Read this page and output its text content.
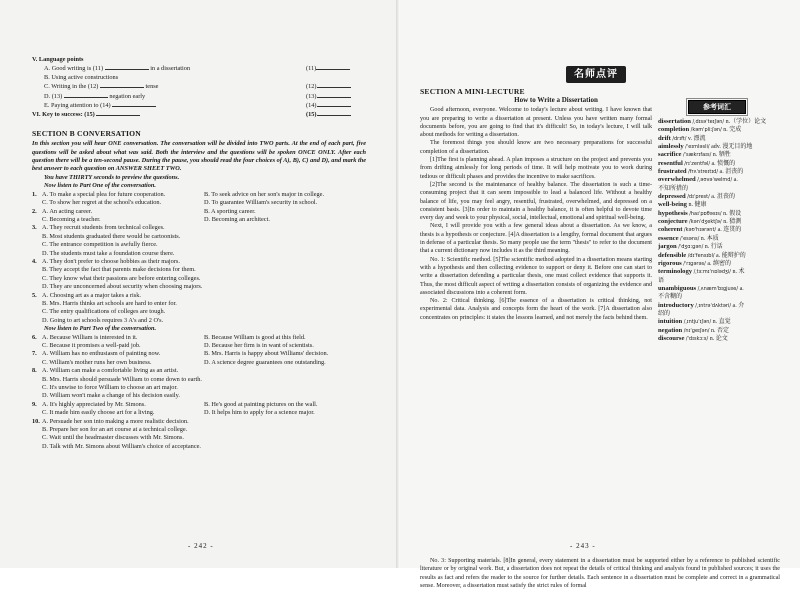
V. Language points
A. Good writing is (11)	in a dissertation	(11)
B. Using active constructions
C. Writing in the (12)	tense	(12)
D. (13)	negation early	(13)
E. Paying attention to (14)	(14)
VI. Key to success: (15)	(15)
SECTION B CONVERSATION
In this section you will hear ONE conversation. The conversation will be divided into TWO parts. At the end of each part, five questions will be asked about what was said. Both the interview and the questions will be spoken ONCE ONLY. After each question there will be a ten-second pause. During the pause, you should read the four choices of A), B), C) and D), and mark the best answer to each question on ANSWER SHEET TWO.
You have THIRTY seconds to preview the questions.
Now listen to Part One of the conversation.
1. A. To make a special plea for future cooperation.	B. To seek advice on her son's major in college.
C. To show her regret at the school's education.	D. To guarantee William's security in school.
2. A. An acting career.	B. A sporting career.
C. Becoming a teacher.	D. Becoming an architect.
3. A. They recruit students from technical colleges.
B. Most students graduated there would be cartoonists.
C. The entrance competition is awfully fierce.
D. The students must take a foundation course there.
4. A. They don't prefer to choose hobbies as their majors.
B. They accept the fact that parents make decisions for them.
C. They know what their passions are before entering colleges.
D. They are unconcerned about security when choosing majors.
5. A. Choosing art as a major takes a risk.
B. Mrs. Harris thinks art schools are hard to enter for.
C. The entry qualifications of colleges are tough.
D. Going to art schools requires 3 A's and 2 O's.
Now listen to Part Two of the conversation.
6. A. Because William is interested in it.	B. Because William is good at this field.
C. Because it promises a well-paid job.	D. Because her firm is in want of scientists.
7. A. William has no enthusiasm of painting now.	B. Mrs. Harris is happy about Williams' decision.
C. William's mother runs her own business.	D. A science degree guarantees one outstanding.
8. A. William can make a comfortable living as an artist.
B. Mrs. Harris should persuade William to come down to earth.
C. It's unwise to force William to choose an art major.
D. William won't make a change of his decision easily.
9. A. It's highly appreciated by Mr. Simons.	B. He's good at painting pictures on the wall.
C. It made him easily choose art for a living.	D. It helps him to apply for a science major.
10. A. Persuade her son into making a more realistic decision.
B. Prepare her son for an art course at a technical college.
C. Wait until the headmaster discusses with Mr. Simons.
D. Talk with Mr. Simons about William's choice of acceptance.
- 242 -
名师点评
SECTION A MINI-LECTURE
How to Write a Dissertation

Good afternoon, everyone. Welcome to today's lecture about writing. I have known that you are preparing to write a dissertation at present. Unless you have written many formal documents before, you are going to find that it's difficult! So, in today's lecture, I will talk about methods for writing a dissertation.

The foremost things you should know are two necessary preparations for successful completion of a dissertation.

[1]The first is planning ahead. A plan imposes a structure on the project and prevents you from drifting aimlessly for long periods of time. It will help motivate you to work during tedious or difficult phases and provides the incentive to make sacrifices.

[2]The second is the maintenance of healthy balance. The dissertation is such a time-consuming project that it can seem impossible to lead a balanced life. Without a healthy balance of life, you may feel angry, resentful, frustrated, overwhelmed, and depressed on a consistent basis. [3]In order to maintain a healthy balance, it is often helpful to devote time every day and week to your physical, social, intellectual, emotional and spiritual well-being.

Next, I will provide you with a few general ideas about a dissertation. As we know, a thesis is a hypothesis or conjecture. [4]A dissertation is a lengthy, formal document that argues in defense of a particular thesis. So many people use the term "thesis" to refer to the document that a current dictionary now includes it as the third meaning.

No. 1: Scientific method. [5]The scientific method adopted in a dissertation means starting with a hypothesis and then collecting evidence to support or deny it. Before one can start to write a dissertation defending a particular thesis, one must collect evidence that supports it. Thus, the most difficult aspect of writing a dissertation consists of organizing the evidence and associated discussions into a coherent form.

No. 2: Critical thinking. [6]The essence of a dissertation is critical thinking, not experimental data. Analysis and concepts form the heart of the work. [7]A dissertation also concentrates on principles: it states the lessons learned, and not merely the facts behind them.

参考词汇
dissertation /ˌdɪsəˈteɪʃən/ n.（学位）论文
completion /kəmˈpliːʃən/ n. 完成
drift /drɪft/ v. 漂流
aimlessly /ˈeɪmləsli/ adv. 漫无目的地
sacrifice /ˈsækrɪfaɪs/ n. 牺牲
resentful /rɪˈzentfəl/ a. 愤慨的
frustrated /frʌˈstreɪtɪd/ a. 沮丧的
overwhelmed /ˌəʊvəˈwelmd/ a.
不知所措的
depressed /dɪˈprest/ a. 沮丧的
well-being n. 健康
hypothesis /haɪˈpɒθəsɪs/ n. 假设
conjecture /kənˈdʒektʃə/ n. 猜测
coherent /kəʊˈhɪərənt/ a. 连贯的
essence /ˈesəns/ n. 本质
jargon /ˈdʒɑːɡən/ n. 行话
defensible /dɪˈfensɪbl/ a. 能辩护的
rigorous /ˈrɪɡərəs/ a. 缜密的
terminology /ˌtɜːmɪˈnɒlədʒi/ n. 术
语
unambiguous /ˌʌnæmˈbɪɡjuəs/ a.
不含糊的
introductory /ˌɪntrəˈdʌktəri/ a. 介
绍的
intuition /ˌɪntjuˈɪʃən/ n. 直觉
negation /nɪˈɡeɪʃən/ n. 否定
discourse /ˈdɪskɔːs/ n. 论文

No. 3: Supporting materials. [8]In general, every statement in a dissertation must be supported either by a reference to published scientific literature or by original work. But, a dissertation does not repeat the details of critical thinking and analysis found in published sources; it uses the results as fact and refers the reader to the source for further details. Each sentence in a dissertation must be complete and correct in a grammatical sense. Moreover, a dissertation must satisfy the strict rules of formal

- 243 -
